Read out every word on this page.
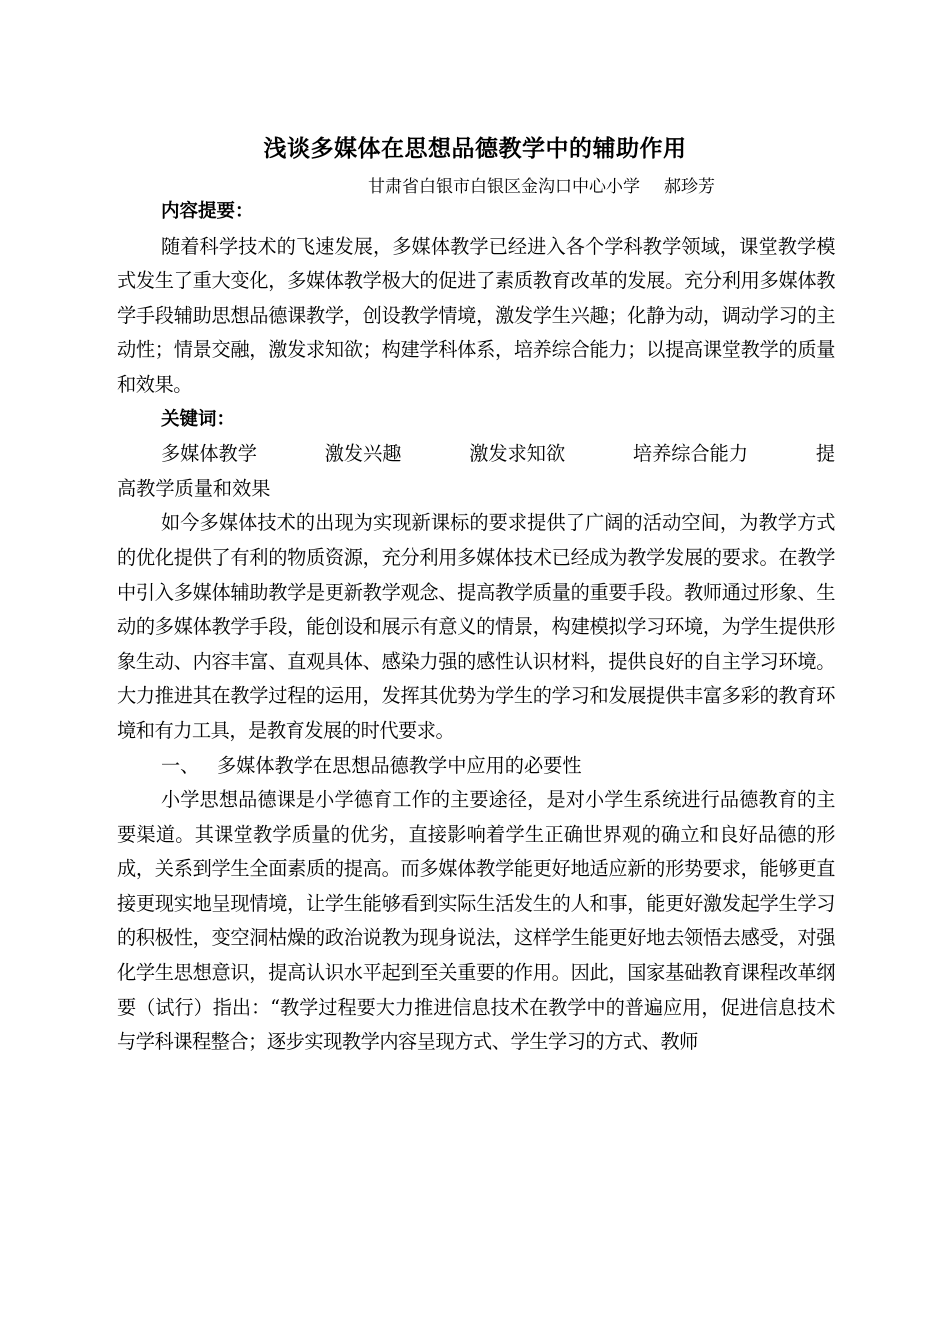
浅谈多媒体在思想品德教学中的辅助作用
甘肃省白银市白银区金沟口中心小学 郝珍芳

内容提要：

随着科学技术的飞速发展，多媒体教学已经进入各个学科教学领域，课堂教学模式发生了重大变化，多媒体教学极大的促进了素质教育改革的发展。充分利用多媒体教学手段辅助思想品德课教学，创设教学情境，激发学生兴趣；化静为动，调动学习的主动性；情景交融，激发求知欲；构建学科体系，培养综合能力；以提高课堂教学的质量和效果。

关键词：

多媒体教学	激发兴趣	激发求知欲	培养综合能力	提

高教学质量和效果

如今多媒体技术的出现为实现新课标的要求提供了广阔的活动空间，为教学方式的优化提供了有利的物质资源，充分利用多媒体技术已经成为教学发展的要求。在教学中引入多媒体辅助教学是更新教学观念、提高教学质量的重要手段。教师通过形象、生动的多媒体教学手段，能创设和展示有意义的情景，构建模拟学习环境，为学生提供形象生动、内容丰富、直观具体、感染力强的感性认识材料，提供良好的自主学习环境。大力推进其在教学过程的运用，发挥其优势为学生的学习和发展提供丰富多彩的教育环境和有力工具，是教育发展的时代要求。

一、 多媒体教学在思想品德教学中应用的必要性

小学思想品德课是小学德育工作的主要途径，是对小学生系统进行品德教育的主要渠道。其课堂教学质量的优劣，直接影响着学生正确世界观的确立和良好品德的形成，关系到学生全面素质的提高。而多媒体教学能更好地适应新的形势要求，能够更直接更现实地呈现情境，让学生能够看到实际生活发生的人和事，能更好激发起学生学习的积极性，变空洞枯燥的政治说教为现身说法，这样学生能更好地去领悟去感受，对强化学生思想意识，提高认识水平起到至关重要的作用。因此，国家基础教育课程改革纲要（试行）指出：“教学过程要大力推进信息技术在教学中的普遍应用，促进信息技术与学科课程整合；逐步实现教学内容呈现方式、学生学习的方式、教师
